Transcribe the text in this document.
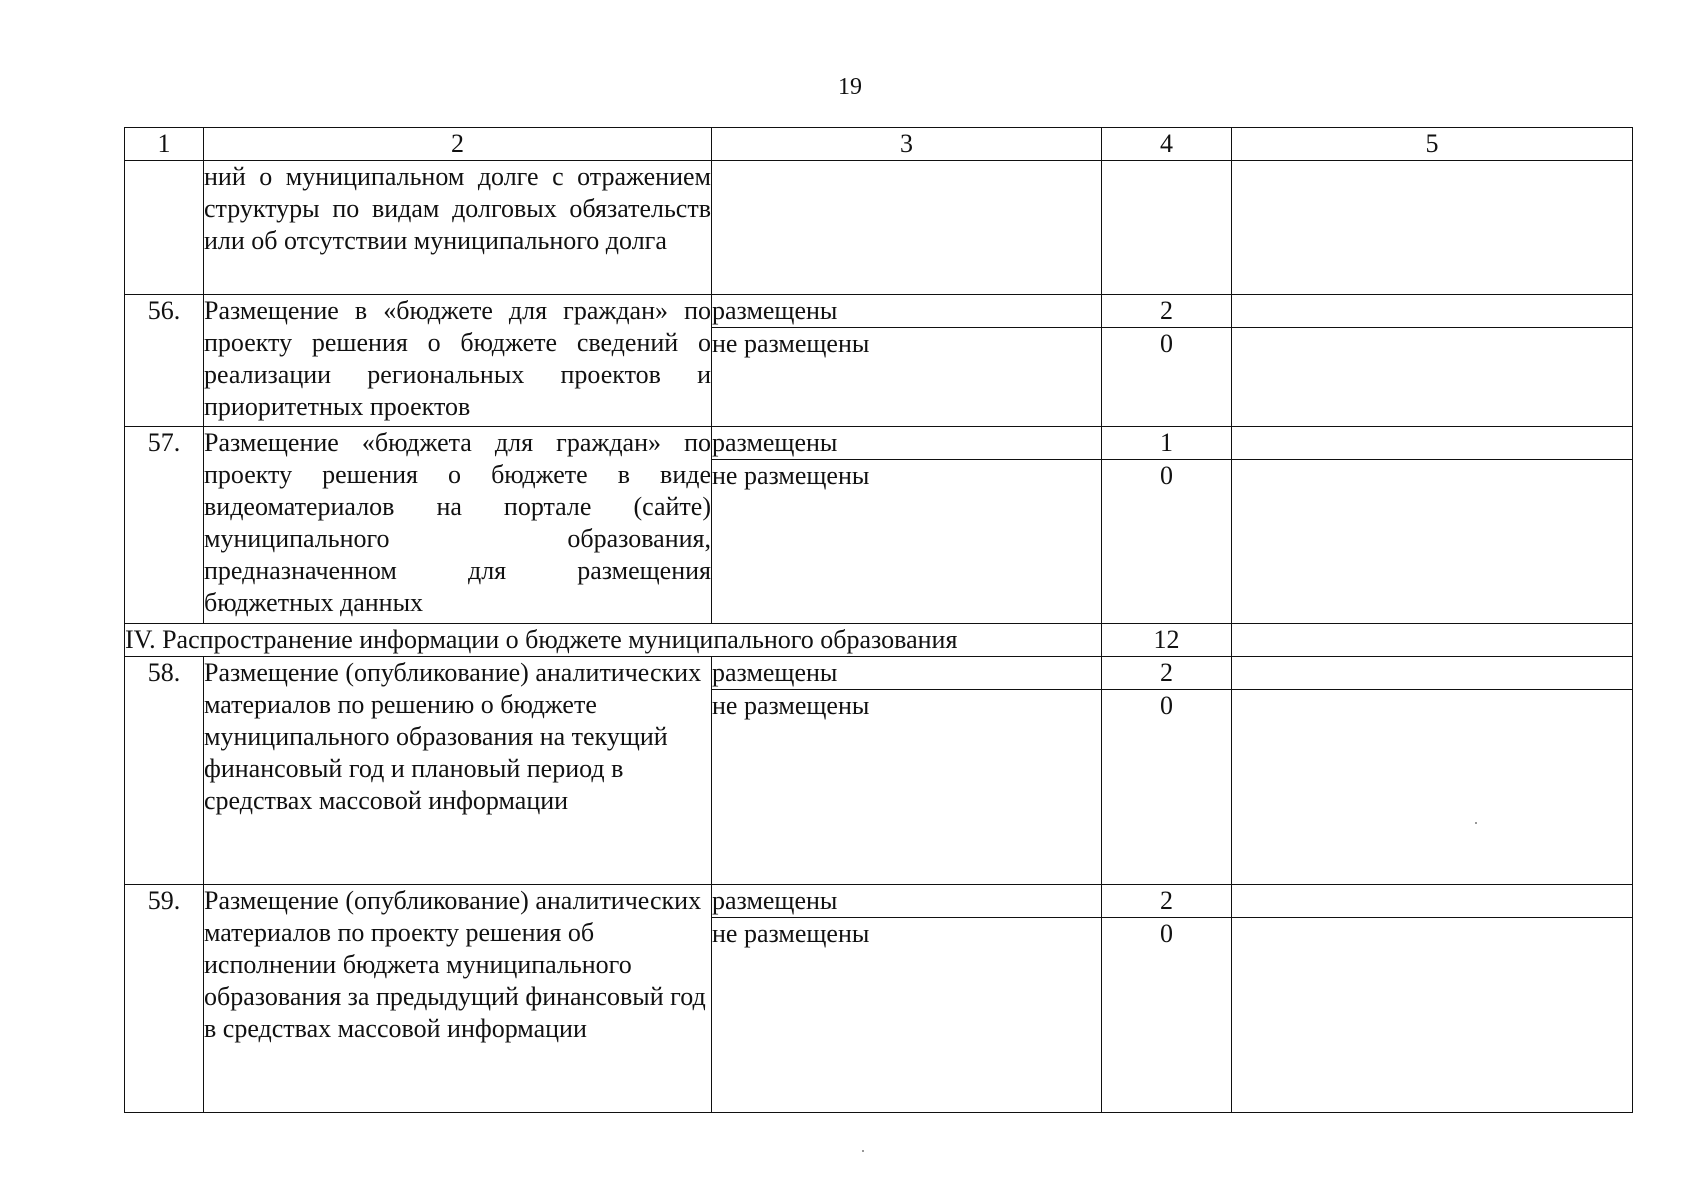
19
1	2	3	4	5
	ний о муниципальном долге с отражением структуры по видам долговых обязательств или об отсутствии муниципального долга			
56.	Размещение в «бюджете для граждан» по проекту решения о бюджете сведений о реализации региональных проектов и приоритетных проектов	размещены	2	
		не размещены	0	
57.	Размещение «бюджета для граждан» по проекту решения о бюджете в виде видеоматериалов на портале (сайте) муниципального образования, предназначенном для размещения бюджетных данных	размещены	1	
		не размещены	0	
IV. Распространение информации о бюджете муниципального образования			12	
58.	Размещение (опубликование) аналитических материалов по решению о бюджете муниципального образования на текущий финансовый год и плановый период в средствах массовой информации	размещены	2	
		не размещены	0	
59.	Размещение (опубликование) аналитических материалов по проекту решения об исполнении бюджета муниципального образования за предыдущий финансовый год в средствах массовой информации	размещены	2	
		не размещены	0	
